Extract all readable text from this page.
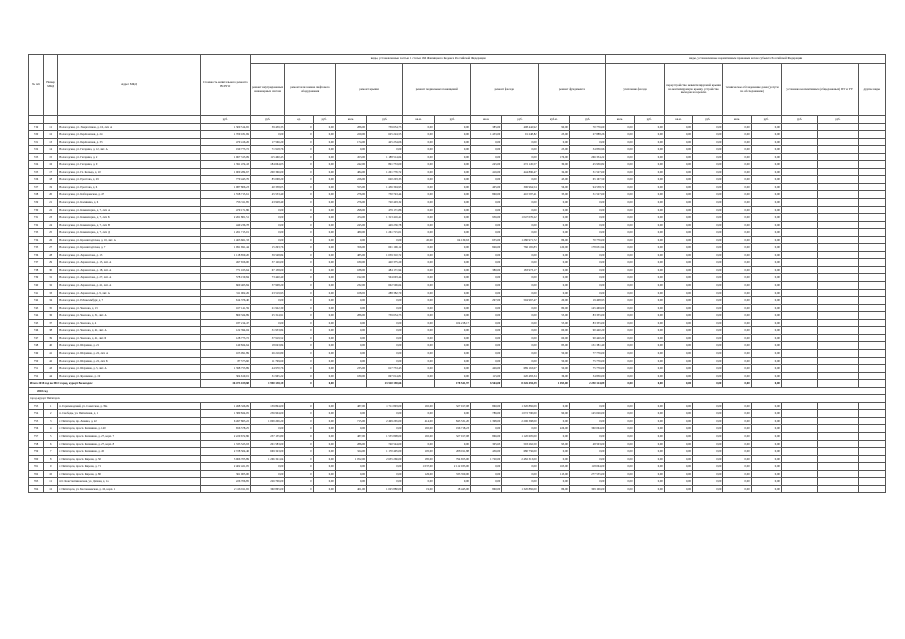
№ п/п	Номер МКД	Адрес МКД	Стоимость капитального ремонта ВСЕГО	виды, установленные частью 1 статьи 166 Жилищного Кодекса Российской Федерации											виды, установленные нормативным правовым актом субъекта Российской Федерации								
				ремонт внутридомовых инженерных систем	ремонт или замена лифтового оборудования		ремонт крыши		ремонт подвальных помещений		ремонт фасада		ремонт фундамента		утепление фасада		переустройство невентилируемой крыши на вентилируемую крышу, устройство выходов на кровлю		техническое обследование дома (услуги по обследованию)		установка коллективных (общедомовых) ПУ и УУ		другие виды
			руб.	руб.	ед.	руб.	кв.м.	руб.	кв.м.	руб.	кв.м.	руб.	куб.м.	руб.	кв.м.	руб.	кв.м.	руб.	кв.м.	руб.	руб.	руб.	
719	11	Вологодская, ул. Энергетиков, д. 16, лит. А	1 300 514,65	59 439,33	0	0,00	286,00	739 654,73	0,00	0,00	385,00	408 442,92	90,00	70 776,60	0,00	0,00	0,00	0,00	0,00	0,00			
720	12	Вологодская, ул. Берёзовская, д. 24	1 709 181,69	0,00	0	0,00	229,00	625 224,55	0,00	0,00	1 453,00	91 248,82	23,00	27 888,26	0,00	0,00	0,00	0,00	0,00	0,00			
721	13	Вологодская, ул. Берёзовская, д. 33	479 416,26	17 566,20	0	0,00	174,00	425 234,06	0,00	0,00	0,00	0,00	0,00	0,00	0,00	0,00	0,00	0,00	0,00	0,00			
722	14	Вологодская, ул. Гагарина, д. 12, лит. А	190 773,72	71 918,76	0	0,00	0,00	0,00	0,00	0,00	0,00	0,00	23,00	34 856,96	0,00	0,00	0,00	0,00	0,00	0,00			
723	15	Вологодская, ул. Гагарина, д. 2	1 967 313,09	115 460,43	0	0,00	453,00	1 188 514,64	0,00	0,00	0,00	0,00	176,00	266 354,22	0,00	0,00	0,00	0,00	0,00	0,00			
724	16	Вологодская, ул. Гагарина, д. 9	1 391 474,43	184 664,03	0	0,00	242,00	891 753,00	0,00	0,00	245,00	272 145,57	30,00	45 936,82	0,00	0,00	0,00	0,00	0,00	0,00			
725	17	Вологодская, ул. Гл. Кольца, д. 10	1 900 284,67	200 366,00	0	0,00	484,00	1 201 776,72	0,00	0,00	416,00	444 896,47	34,00	51 527,60	0,00	0,00	0,00	0,00	0,00	0,00			
726	18	Вологодская, ул. Ерастова, д. 29	770 443,76	85 068,20	0	0,00	226,00	620 203,33	0,00	0,00	0,00	0,00	43,00	65 167,50	0,00	0,00	0,00	0,00	0,00	0,00			
727	19	Вологодская, ул. Ерастова, д. 6	1 987 806,23	40 358,05	0	0,00	555,00	1 456 304,95	0,00	0,00	405,00	396 964,54	56,00	94 558,72	0,00	0,00	0,00	0,00	0,00	0,00			
728	20	Вологодская, ул. Кобзаревская, д. 47	1 558 715,61	45 553,40	0	0,00	276,00	750 743,44	0,00	0,00	860,00	410 597,41	35,00	51 527,60	0,00	0,00	0,00	0,00	0,00	0,00			
729	21	Вологодская, ул. Калинина, д. 6	756 311,85	43 928,49	0	0,00	276,00	720 403,32	0,00	0,00	0,00	0,00	0,00	0,00	0,00	0,00	0,00	0,00	0,00	0,00			
730	22	Вологодская, ул. Коминтерна, д. 7, лит. А	479 171,86	0,00	0	0,00	298,00	479 171,86	0,00	0,00	0,00	0,00	0,00	0,00	0,00	0,00	0,00	0,00	0,00	0,00			
731	23	Вологодская, ул. Коминтерна, д. 7, лит. Б	2 261 801,51	0,00	0	0,00	474,00	1 313 416,41	0,00	0,00	936,00	1 047 076,22	0,00	0,00	0,00	0,00	0,00	0,00	0,00	0,00			
732	24	Вологодская, ул. Коминтерна, д. 7, лит. В	449 236,78	0,00	0	0,00	245,00	449 236,78	0,00	0,00	0,00	0,00	0,00	0,00	0,00	0,00	0,00	0,00	0,00	0,00			
733	25	Вологодская, ул. Коминтерна, д. 7, лит. Д	1 261 715,01	0,00	0	0,00	480,00	1 261 715,01	0,00	0,00	0,00	0,00	0,00	0,00	0,00	0,00	0,00	0,00	0,00	0,00			
734	26	Вологодская, ул. Кронштадтская, д. 16, лит. А	1 463 661,33	0,00	0	0,00	0,00	0,00	45,00	64 139,63	655,00	1 280 971,72	86,00	70 776,00	0,00	0,00	0,00	0,00	0,00	0,00			
735	27	Вологодская, ул. Кронштадтская, д. 7	1 991 691,44	15 293,76	0	0,00	356,00	601 106,12	0,00	0,00	846,00	766 165,83	120,00	178 651,94	0,00	0,00	0,00	0,00	0,00	0,00			
736	28	Вологодская, ул. Лермонтова, д. 13	1 118 859,20	59 548,84	0	0,00	485,00	1 059 310,72	0,00	0,00	0,00	0,00	0,00	0,00	0,00	0,00	0,00	0,00	0,00	0,00			
737	29	Вологодская, ул. Лермонтова, д. 15, лит. А	497 656,00	37 126,00	0	0,00	180,00	420 375,20	0,00	0,00	0,00	0,00	0,00	0,00	0,00	0,00	0,00	0,00	0,00	0,00			
738	30	Вологодская, ул. Лермонтова, д. 18, лит. А	771 163,64	67 138,00	0	0,00	188,00	484 171,94	0,00	0,00	380,00	183 973,17	0,00	0,00	0,00	0,00	0,00	0,00	0,00	0,00			
739	31	Вологодская, ул. Лермонтова, д. 27, лит. А	578 159,84	73 440,40	0	0,00	192,00	504 693,44	0,00	0,00	0,00	0,00	0,00	0,00	0,00	0,00	0,00	0,00	0,00	0,00			
740	32	Вологодская, ул. Лермонтова, д. 41, лит. А	660 463,84	57 908,20	0	0,00	232,00	602 596,64	0,00	0,00	0,00	0,00	0,00	0,00	0,00	0,00	0,00	0,00	0,00	0,00			
741	33	Вологодская, ул. Лермонтова, д. 9, лит. А	311 902,26	23 519,93	0	0,00	108,95	288 382,70	0,00	0,00	0,00	0,00	0,00	0,00	0,00	0,00	0,00	0,00	0,00	0,00			
742	34	Вологодская, ул. Р.Люксембург, д. 7	614 376,40	0,00	0	0,00	0,00	0,00	0,00	0,00	297,00	594 967,47	20,00	19 408,93	0,00	0,00	0,00	0,00	0,00	0,00			
743	35	Вологодская, ул. Чкалова, д. 13	167 141,59	21 922,30	0	0,00	0,00	0,00	0,00	0,00	0,00	0,00	80,00	145 469,00	0,00	0,00	0,00	0,00	0,00	0,00			
744	36	Вологодская, ул. Чкалова, д. 31, лит. А	860 324,89	25 314,91	0	0,00	286,00	739 654,73	0,00	0,00	0,00	0,00	55,00	83 355,00	0,00	0,00	0,00	0,00	0,00	0,00			
745	37	Вологодская, ул. Чкалова, д. 4	187 214,47	0,00	0	0,00	0,00	0,00	0,00	104 218,17	0,00	0,00	55,00	83 355,00	0,00	0,00	0,00	0,00	0,00	0,00			
746	38	Вологодская, ул. Чкалова, д. 41, лит. А	122 394,04	31 953,84	0	0,00	0,00	0,00	0,00	0,00	0,00	0,00	60,00	90 440,20	0,00	0,00	0,00	0,00	0,00	0,00			
747	39	Вологодская, ул. Чкалова, д. 41, лит. Б	128 773,72	37 919,52	0	0,00	0,00	0,00	0,00	0,00	0,00	0,00	60,00	90 440,20	0,00	0,00	0,00	0,00	0,00	0,00			
748	40	Вологодская, ул. Шаумяна, д. 21	149 824,64	18 043,84	0	0,00	0,00	0,00	0,00	0,00	0,00	0,00	83,00	131 381,40	0,00	0,00	0,00	0,00	0,00	0,00			
749	41	Вологодская, ул. Шаумяна, д. 22, лит. А	103 991,89	26 216,89	0	0,00	0,00	0,00	0,00	0,00	0,00	0,00	50,00	77 776,00	0,00	0,00	0,00	0,00	0,00	0,00			
750	42	Вологодская, ул. Шаумяна, д. 22, лит. Б	87 575,60	11 799,60	0	0,00	0,00	0,00	0,00	0,00	0,00	0,00	50,00	75 776,00	0,00	0,00	0,00	0,00	0,00	0,00			
751	43	Вологодская, ул. Шаумяна, д. 5, лит. А	1 398 753,89	44 970,76	0	0,00	235,00	617 753,43	0,00	0,00	426,00	689 163,67	50,00	75 776,00	0,00	0,00	0,00	0,00	0,00	0,00			
752	44	Вологодская, ул. Ярошенко, д. 19	304 619,01	31 965,22	0	0,00	189,00	697 014,81	0,00	0,00	115,00	220 483,34	36,00	54 836,00	0,00	0,00	0,00	0,00	0,00	0,00			
Итого 2018 год по МО: город, курорт Вологодск:			36 473 109,88	1 990 138,19	0	0,00		23 520 190,66		178 541,97	6 564,00	8 326 494,39	1 493,00	2 250 124,89	0,00	0,00	0,00	0,00	0,00	0,00			
2018 год																							
город-курорт Пятигорск																							
753	1	п. Горячеводский, ул. Советская, д. 39а	1 498 326,09	159 894,00	0	0,00	487,00	1 711 893,00	165,00	327 917,08	860,00	1 320 882,09	0,00	0,00	0,00	0,00	0,00	0,00	0,00	0,00			
754	2	п. Свободы, ул. Пятничная, д. 1	1 380 824,05	256 904,00	0	0,00	0,00	0,00	0,00	0,00	786,00	1 072 790,00	90,00	145 026,00	0,00	0,00	0,00	0,00	0,00	0,00			
755	3	г. Пятигорск, пр. Ленина, д. 22	6 497 863,22	1 009 206,20	0	0,00	715,00	2 499 265,00	414,00	843 531,20	1 398,00	2 296 368,00	0,00	0,00	0,00	0,00	0,00	0,00	0,00	0,00			
756	4	г. Пятигорск, просп. Калинина, д. 140	656 578,25	0,00	0	0,00	0,00	0,00	165,00	196 718,23	0,00	0,00	226,00	360 064,00	0,00	0,00	0,00	0,00	0,00	0,00			
757	5	г. Пятигорск, просп. Калинина, д. 27, корп. 7	2 220 672,86	237 135,80	0	0,00	487,00	1 555 808,00	165,00	327 917,08	866,00	1 120 605,00	0,00	0,00	0,00	0,00	0,00	0,00	0,00	0,00			
758	6	г. Пятигорск, просп. Калинина, д. 27, корп. 8	1 333 523,93	201 583,00	0	0,00	286,00	740 544,00	0,00	0,00	305,63	593 262,50	93,00	48 503,00	0,00	0,00	0,00	0,00	0,00	0,00			
759	7	г. Пятигорск, просп. Калинина, д. 45	2 728 504,46	669 343,00	0	0,00	324,00	1 170 495,00	105,00	208 011,88	436,00	680 756,00	0,00	0,00	0,00	0,00	0,00	0,00	0,00	0,00			
760	8	г. Пятигорск, просп. Кирова, д. 50	3 966 705,89	1 266 321,64	0	0,00	1 052,00	2 635 266,00	185,00	794 655,00	1 720,00	2 482 313,00	0,00	0,00	0,00	0,00	0,00	0,00	0,00	0,00			
761	9	г. Пятигорск, просп. Кирова, д. 71	2 402 421,05	0,00	0	0,00	0,00	0,00	1 037,00	2 112 933,00	0,00	0,00	163,00	118 064,00	0,00	0,00	0,00	0,00	0,00	0,00			
762	10	г. Пятигорск, просп. Кирова, д. 80	361 905,00	0,00	0	0,00	0,00	0,00	126,00	333 350,00	0,00	0,00	113,00	277 555,00	0,00	0,00	0,00	0,00	0,00	0,00			
763	11	пгт. Константиновская, ул. Дачная, д. 1а	226 706,85	226 706,00	0	0,00	0,00	0,00	0,00	0,00	0,00	0,00	0,00	0,00	0,00	0,00	0,00	0,00	0,00	0,00			
764	12	г. Пятигорск, ул. Бесленеевская, д. 16, корп. 1	2 116 911,65	360 865,00	0	0,00	401,00	1 025 880,00	19,00	18 445,00	860,00	1 320 882,00	86,00	309 106,00	0,00	0,00	0,00	0,00	0,00	0,00			
